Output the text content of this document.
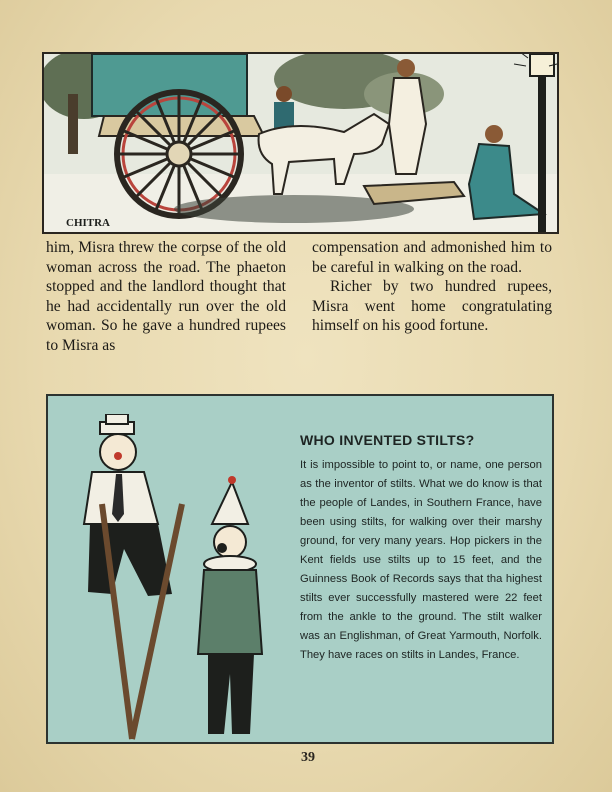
CHITRA

him, Misra threw the corpse of the old woman across the road. The phaeton stopped and the landlord thought that he had accidentally run over the old woman. So he gave a hundred rupees to Misra as

compensation and admonished him to be careful in walking on the road.
Richer by two hundred rupees, Misra went home congratulating himself on his good fortune.

WHO INVENTED STILTS?

It is impossible to point to, or name, one person as the inventor of stilts. What we do know is that the people of Landes, in Southern France, have been using stilts, for walking over their marshy ground, for very many years. Hop pickers in the Kent fields use stilts up to 15 feet, and the Guinness Book of Records says that tha highest stilts ever successfully mastered were 22 feet from the ankle to the ground. The stilt walker was an Englishman, of Great Yarmouth, Norfolk. They have races on stilts in Landes, France.

39
